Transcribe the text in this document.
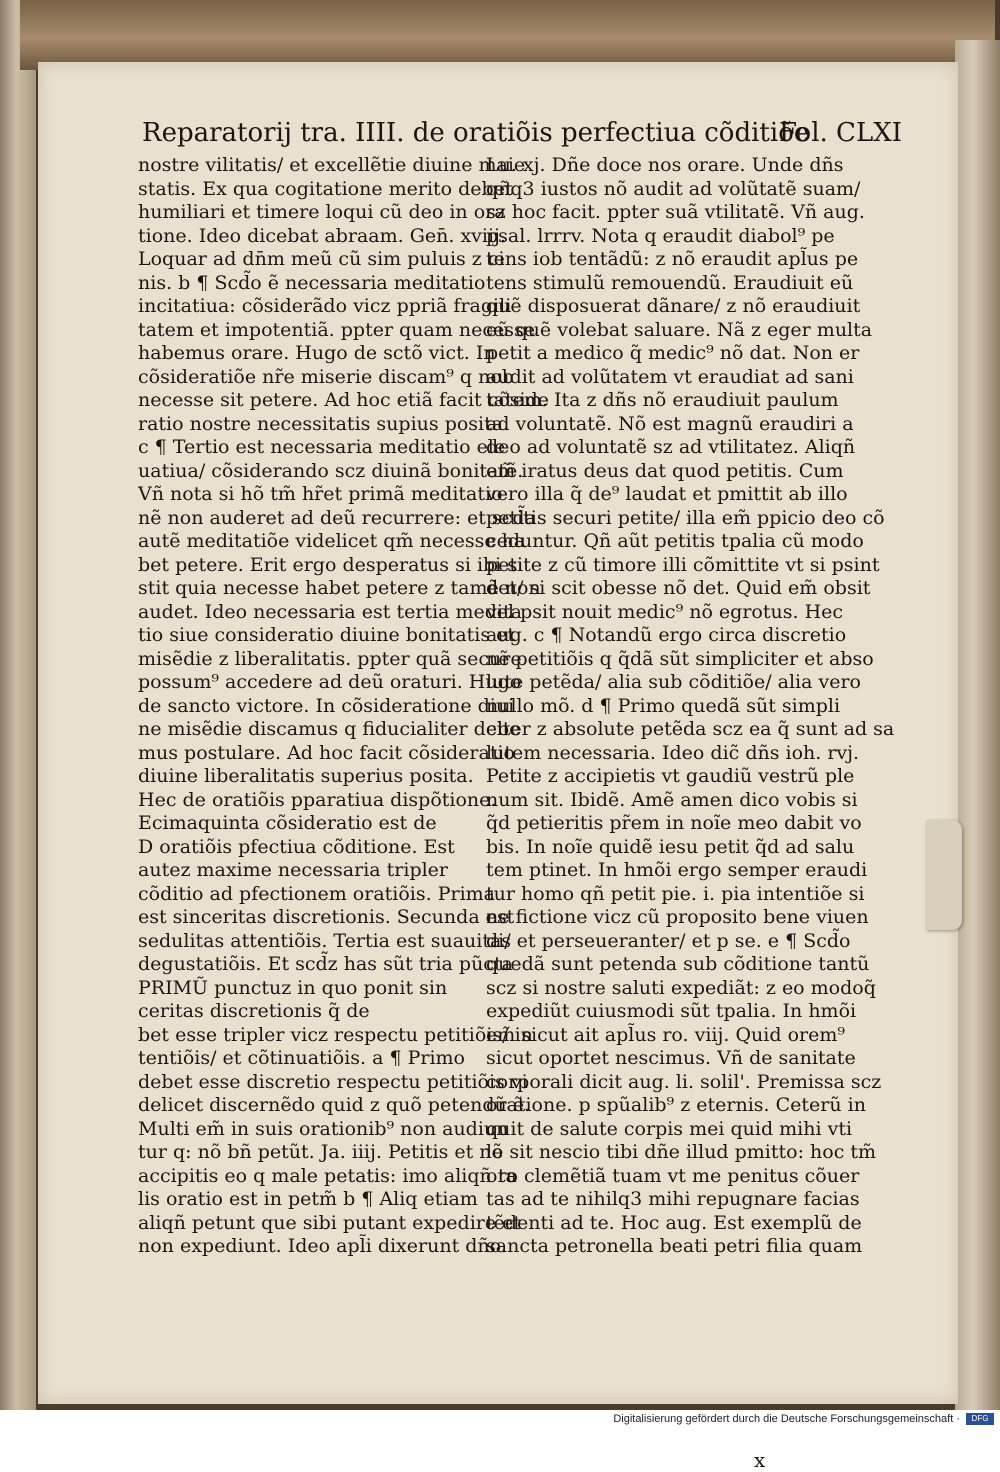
Reparatorij tra. IIII. de oratiõis perfectiua cõditiõe
Fol. CLXI
nostre vilitatis/ et excellẽtie diuine maie
statis. Ex qua cogitatione merito debet
humiliari et timere loqui cũ deo in ora
tione. Ideo dicebat abraam. Gen̄. xviij.
Loquar ad dn̄m meũ cũ sim puluis z ci
nis. b ¶ Scd̃o ẽ necessaria meditatio
incitatiua: cõsiderãdo vicz ppriã fragili
tatem et impotentiã. ppter quam necesse
habemus orare. Hugo de sctõ vict. In
cõsideratiõe nr̃e miserie discam⁹ q nob
necesse sit petere. Ad hoc etiã facit cõside
ratio nostre necessitatis supius posita.
c ¶ Tertio est necessaria meditatio ele
uatiua/ cõsiderando scz diuinã bonitatẽ.
Vñ nota si hõ tm̃ hr̃et primã meditatio
nẽ non auderet ad deũ recurrere: et scd̃a
autẽ meditatiõe videlicet qm̃ necesse ha
bet petere. Erit ergo desperatus si ibi si
stit quia necesse habet petere z tamẽ non
audet. Ideo necessaria est tertia medita
tio siue consideratio diuine bonitatis et
misẽdie z liberalitatis. ppter quã secure
possum⁹ accedere ad deũ oraturi. Hugo
de sancto victore. In cõsideratione diui
ne misẽdie discamus q fiducialiter debe
mus postulare. Ad hoc facit cõsideratio
diuine liberalitatis superius posita.
Hec de oratiõis pparatiua dispõtione.
Ecimaquinta cõsideratio est de
D oratiõis pfectiua cõditione. Est
autez maxime necessaria tripler
cõditio ad pfectionem oratiõis. Prima
est sinceritas discretionis. Secunda est
sedulitas attentiõis. Tertia est suauitas
degustatiõis. Et scd̃z has sũt tria pũcta
PRIMŨ punctuz in quo ponit sin
ceritas discretionis q̃ de
bet esse tripler vicz respectu petitiõis/ in
tentiõis/ et cõtinuatiõis. a ¶ Primo
debet esse discretio respectu petitiõis vi
delicet discernẽdo quid z quõ petendũ ẽ.
Multi em̃ in suis orationib⁹ non audiun
tur q: nõ bñ petũt. Ja. iiij. Petitis et nõ
accipitis eo q male petatis: imo aliqñ ta
lis oratio est in petm̃ b ¶ Aliq etiam
aliqñ petunt que sibi putant expedire et
non expediunt. Ideo apl̃i dixerunt dño.
Lu. xj. Dñe doce nos orare. Unde dñs
qñq3 iustos nõ audit ad volũtatẽ suam/
sz hoc facit. ppter suã vtilitatẽ. Vñ aug.
psal. lrrrv. Nota q eraudit diabol⁹ pe
tens iob tentãdũ: z nõ eraudit apl̃us pe
tens stimulũ remouendũ. Eraudiuit eũ
quẽ disposuerat dãnare/ z nõ eraudiuit
eũ quẽ volebat saluare. Nã z eger multa
petit a medico q̃ medic⁹ nõ dat. Non er
audit ad volũtatem vt eraudiat ad sani
tatem. Ita z dñs nõ eraudiuit paulum
ad voluntatẽ. Nõ est magnũ eraudiri a
deo ad voluntatẽ sz ad vtilitatez. Aliqñ
em̃ iratus deus dat quod petitis. Cum
vero illa q̃ de⁹ laudat et pmittit ab illo
petitis securi petite/ illa em̃ ppicio deo cõ
ceduntur. Qñ aũt petitis tpalia cũ modo
petite z cũ timore illi cõmittite vt si psint
det/ si scit obesse nõ det. Quid em̃ obsit
vel psit nouit medic⁹ nõ egrotus. Hec
aug. c ¶ Notandũ ergo circa discretio
nẽ petitiõis q q̃dã sũt simpliciter et abso
lute petẽda/ alia sub cõditiõe/ alia vero
nullo mõ. d ¶ Primo quedã sũt simpli
citer z absolute petẽda scz ea q̃ sunt ad sa
lutem necessaria. Ideo dic̃ dñs ioh. rvj.
Petite z accipietis vt gaudiũ vestrũ ple
num sit. Ibidẽ. Amẽ amen dico vobis si
q̃d petieritis pr̃em in noĩe meo dabit vo
bis. In noĩe quidẽ iesu petit q̃d ad salu
tem ptinet. In hmõi ergo semper eraudi
tur homo qñ petit pie. i. pia intentiõe si
ne fictione vicz cũ proposito bene viuen
di/ et perseueranter/ et p se. e ¶ Scd̃o
quedã sunt petenda sub cõditione tantũ
scz si nostre saluti expediãt: z eo modoq̃
expediũt cuiusmodi sũt tpalia. In hmõi
em̃ sicut ait apl̃us ro. viij. Quid orem⁹
sicut oportet nescimus. Vñ de sanitate
corporali dicit aug. li. solil'. Premissa scz
oratione. p spũalib⁹ z eternis. Ceterũ in
quit de salute corpis mei quid mihi vti
le sit nescio tibi dñe illud pmitto: hoc tm̃
oro clemẽtiã tuam vt me penitus cõuer
tas ad te nihilq3 mihi repugnare facias
tẽdenti ad te. Hoc aug. Est exemplũ de
sancta petronella beati petri filia quam
x
Digitalisierung gefördert durch die Deutsche Forschungsgemeinschaft ·	DFG
